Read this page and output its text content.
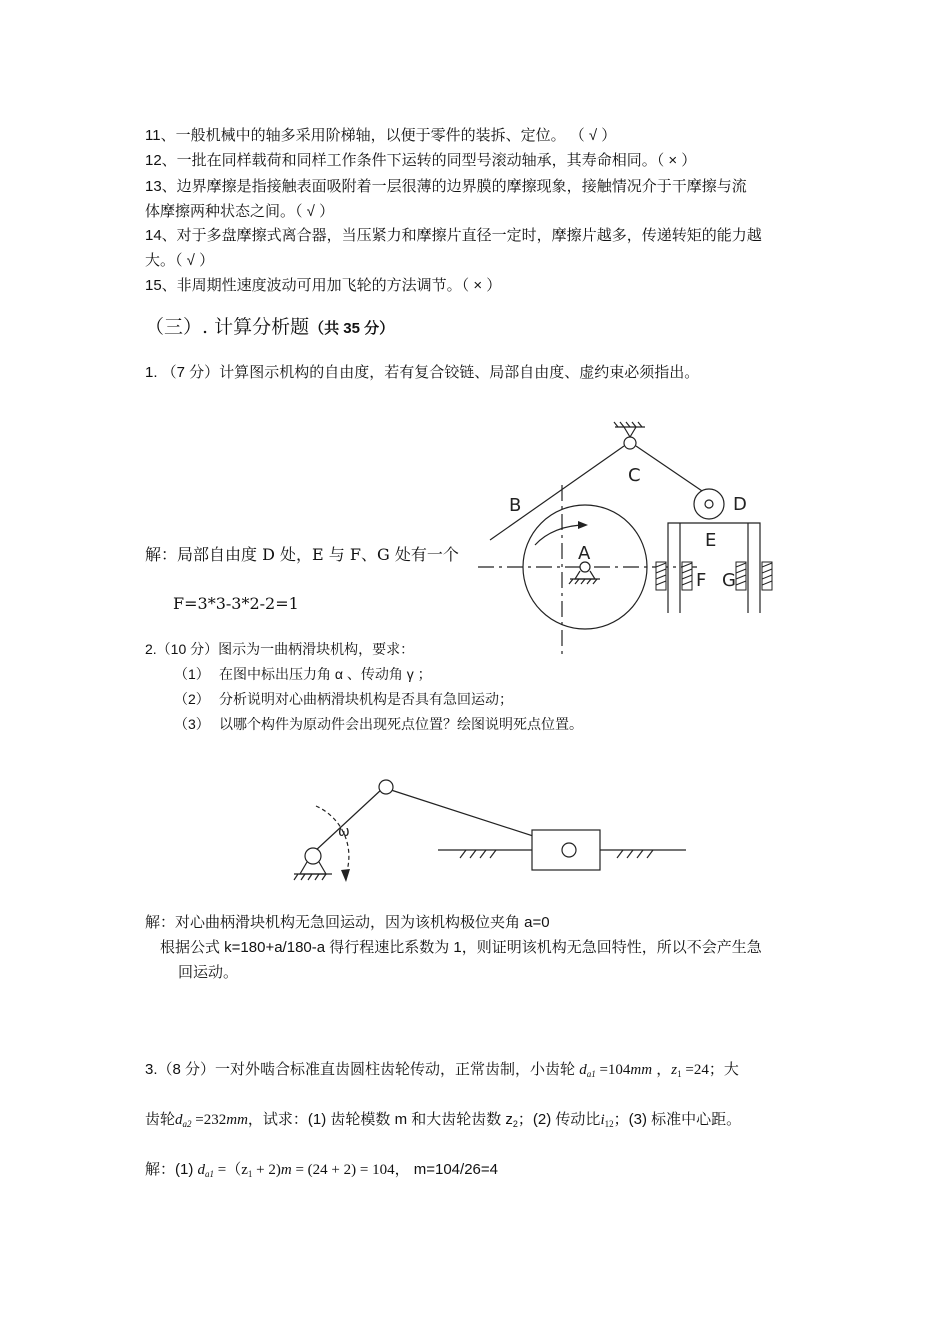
11、一般机械中的轴多采用阶梯轴，以便于零件的装拆、定位。 （ √ ）
12、一批在同样载荷和同样工作条件下运转的同型号滚动轴承，其寿命相同。（ × ）
13、边界摩擦是指接触表面吸附着一层很薄的边界膜的摩擦现象，接触情况介于干摩擦与流
体摩擦两种状态之间。（ √ ）
14、对于多盘摩擦式离合器，当压紧力和摩擦片直径一定时，摩擦片越多，传递转矩的能力越
大。（ √ ）
15、非周期性速度波动可用加飞轮的方法调节。（ × ）
（三）. 计算分析题（共 35 分）
1. （7 分）计算图示机构的自由度，若有复合铰链、局部自由度、虚约束必须指出。
C
B	D
E
A
F G
解：局部自由度 D 处，E 与 F、G 处有一个
F=3*3-3*2-2=1
2.（10 分）图示为一曲柄滑块机构，要求：
（1） 在图中标出压力角 α 、传动角 γ ；
（2） 分析说明对心曲柄滑块机构是否具有急回运动；
（3） 以哪个构件为原动件会出现死点位置？绘图说明死点位置。
ω
解：对心曲柄滑块机构无急回运动，因为该机构极位夹角 a=0
根据公式 k=180+a/180-a 得行程速比系数为 1，则证明该机构无急回特性，所以不会产生急
回运动。
3.（8 分）一对外啮合标准直齿圆柱齿轮传动，正常齿制，小齿轮 $d_{a1} =104mm$ ，$z_1 =24$；大
齿轮$d_{a2} =232mm$，试求：(1) 齿轮模数 m 和大齿轮齿数 $z_2$；(2) 传动比$i_{12}$；(3) 标准中心距。
解：(1) $d_{a1} =(z_1 + 2)m = (24 + 2) = 104$， m=104/26=4
